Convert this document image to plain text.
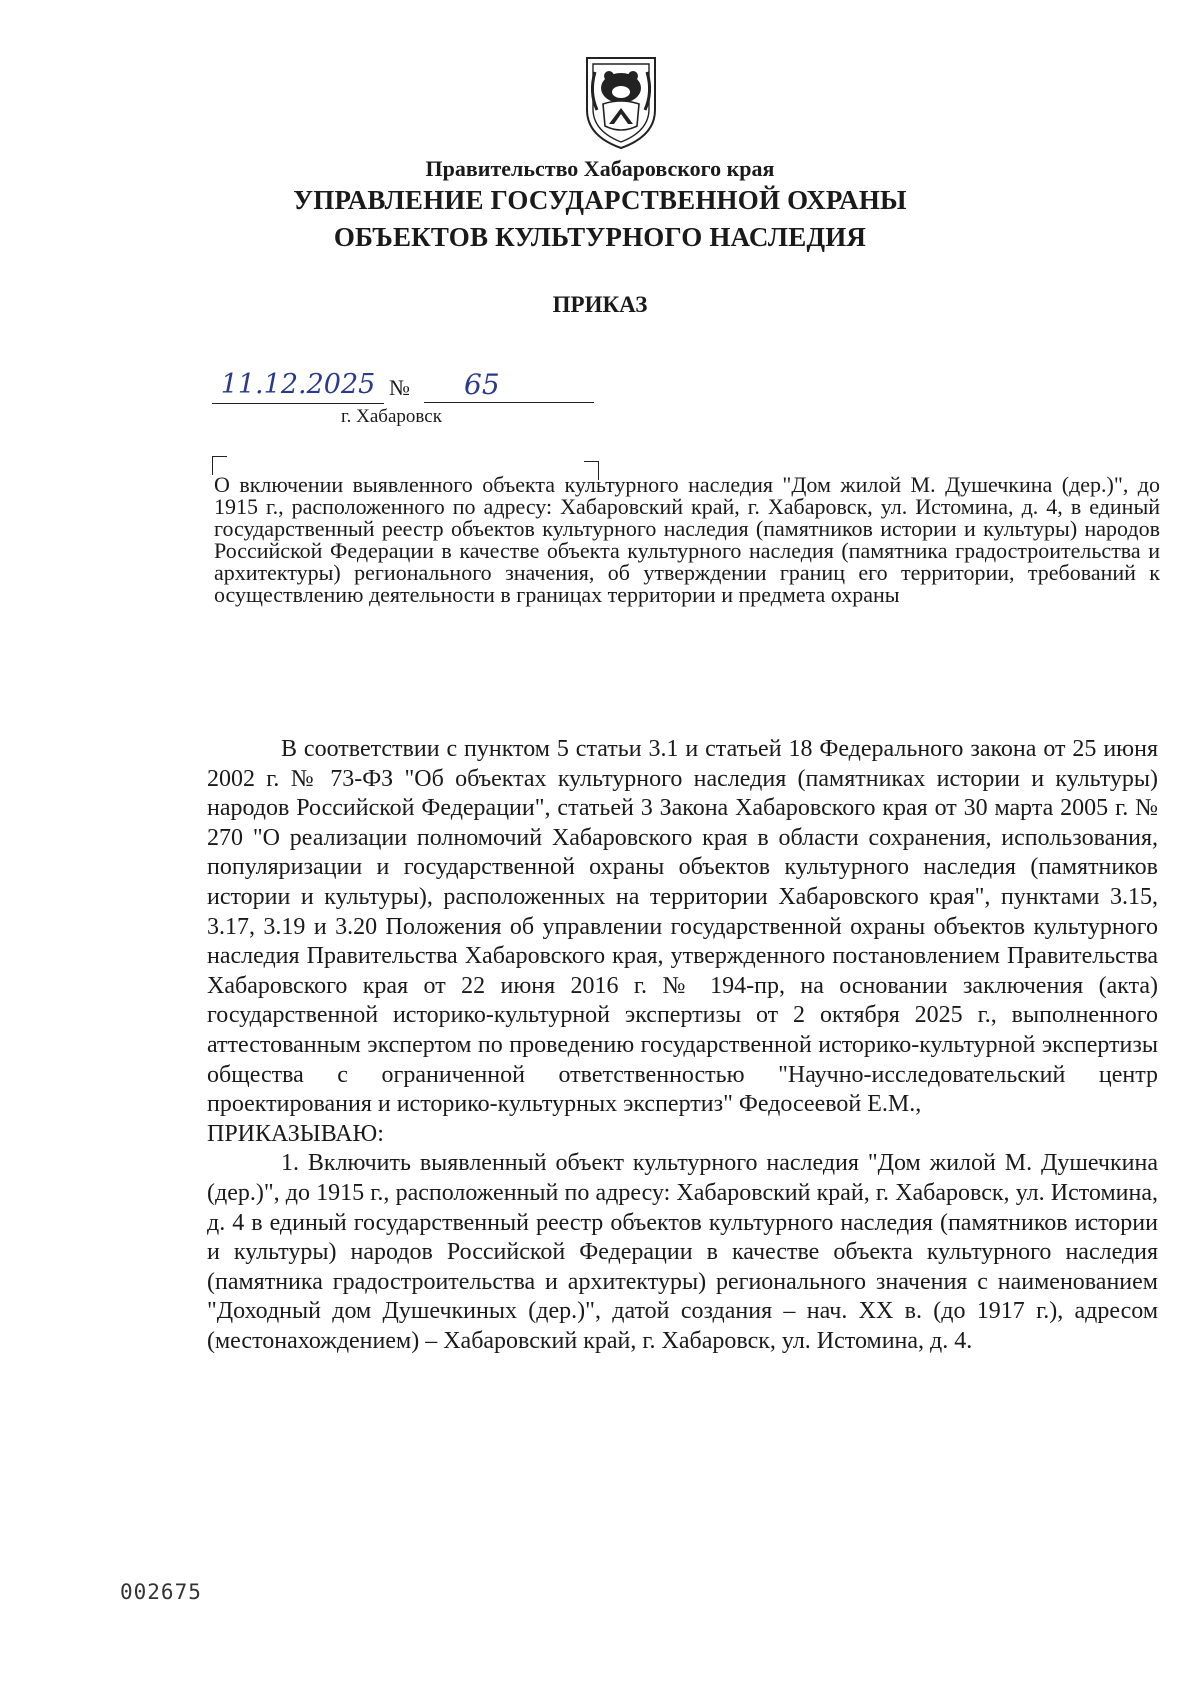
Правительство Хабаровского края
УПРАВЛЕНИЕ ГОСУДАРСТВЕННОЙ ОХРАНЫ
ОБЪЕКТОВ КУЛЬТУРНОГО НАСЛЕДИЯ
ПРИКАЗ
11.12.2025 №	65
г. Хабаровск
О включении выявленного объекта культурного наследия "Дом жилой М. Душечкина (дер.)", до 1915 г., расположенного по адресу: Хабаровский край, г. Хабаровск, ул. Истомина, д. 4, в единый государственный реестр объектов культурного наследия (памятников истории и культуры) народов Российской Федерации в качестве объекта культурного наследия (памятника градостроительства и архитектуры) регионального значения, об утверждении границ его территории, требований к осуществлению деятельности в границах территории и предмета охраны

В соответствии с пунктом 5 статьи 3.1 и статьей 18 Федерального закона от 25 июня 2002 г. № 73-ФЗ "Об объектах культурного наследия (памятниках истории и культуры) народов Российской Федерации", статьей 3 Закона Хабаровского края от 30 марта 2005 г. № 270 "О реализации полномочий Хабаровского края в области сохранения, использования, популяризации и государственной охраны объектов культурного наследия (памятников истории и культуры), расположенных на территории Хабаровского края", пунктами 3.15, 3.17, 3.19 и 3.20 Положения об управлении государственной охраны объектов культурного наследия Правительства Хабаровского края, утвержденного постановлением Правительства Хабаровского края от 22 июня 2016 г. № 194-пр, на основании заключения (акта) государственной историко-культурной экспертизы от 2 октября 2025 г., выполненного аттестованным экспертом по проведению государственной историко-культурной экспертизы общества с ограниченной ответственностью "Научно-исследовательский центр проектирования и историко-культурных экспертиз" Федосеевой Е.М.,

ПРИКАЗЫВАЮ:

1. Включить выявленный объект культурного наследия "Дом жилой М. Душечкина (дер.)", до 1915 г., расположенный по адресу: Хабаровский край, г. Хабаровск, ул. Истомина, д. 4 в единый государственный реестр объектов культурного наследия (памятников истории и культуры) народов Российской Федерации в качестве объекта культурного наследия (памятника градостроительства и архитектуры) регионального значения с наименованием "Доходный дом Душечкиных (дер.)", датой создания – нач. XX в. (до 1917 г.), адресом (местонахождением) – Хабаровский край, г. Хабаровск, ул. Истомина, д. 4.

002675
